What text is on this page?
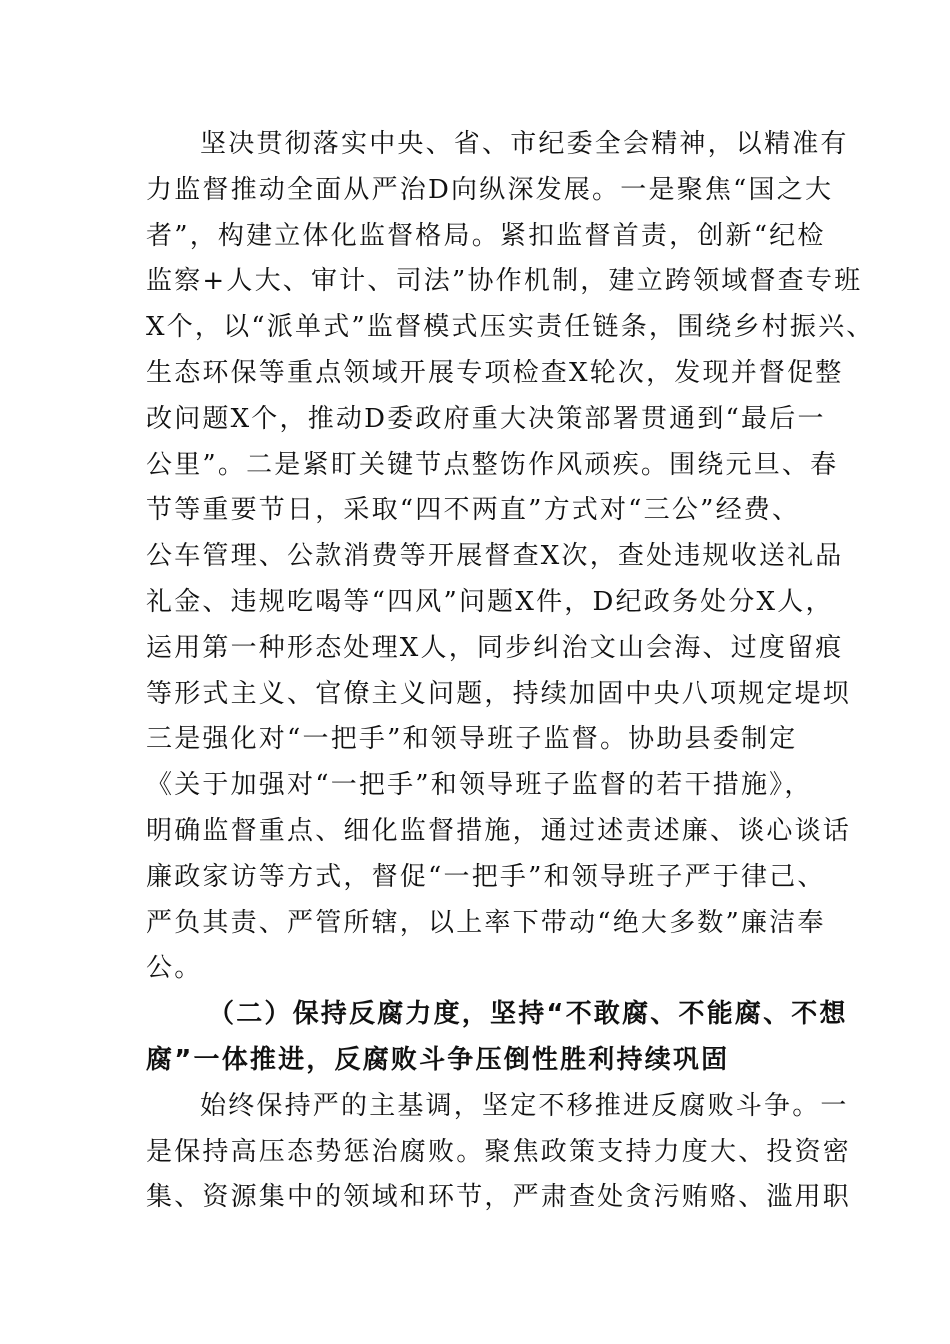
坚决贯彻落实中央、省、市纪委全会精神，以精准有
力监督推动全面从严治D向纵深发展。一是聚焦“国之大
者”，构建立体化监督格局。紧扣监督首责，创新“纪检
监察+人大、审计、司法”协作机制，建立跨领域督查专班
X个，以“派单式”监督模式压实责任链条，围绕乡村振兴、
生态环保等重点领域开展专项检查X轮次，发现并督促整
改问题X个，推动D委政府重大决策部署贯通到“最后一
公里”。二是紧盯关键节点整饬作风顽疾。围绕元旦、春
节等重要节日，采取“四不两直”方式对“三公”经费、
公车管理、公款消费等开展督查X次，查处违规收送礼品
礼金、违规吃喝等“四风”问题X件，D纪政务处分X人，
运用第一种形态处理X人，同步纠治文山会海、过度留痕
等形式主义、官僚主义问题，持续加固中央八项规定堤坝
三是强化对“一把手”和领导班子监督。协助县委制定
《关于加强对“一把手”和领导班子监督的若干措施》，
明确监督重点、细化监督措施，通过述责述廉、谈心谈话
廉政家访等方式，督促“一把手”和领导班子严于律己、
严负其责、严管所辖，以上率下带动“绝大多数”廉洁奉
公。
（二）保持反腐力度，坚持“不敢腐、不能腐、不想
腐”一体推进，反腐败斗争压倒性胜利持续巩固
始终保持严的主基调，坚定不移推进反腐败斗争。一
是保持高压态势惩治腐败。聚焦政策支持力度大、投资密
集、资源集中的领域和环节，严肃查处贪污贿赂、滥用职
